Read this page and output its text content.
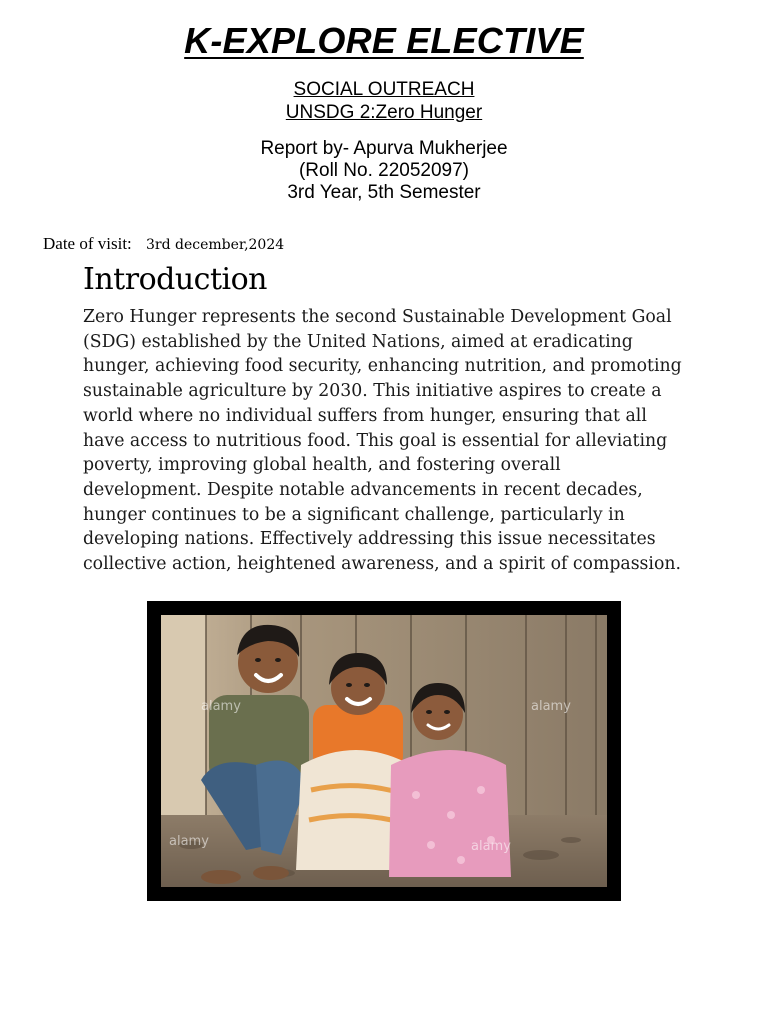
K-EXPLORE ELECTIVE

SOCIAL OUTREACH

UNSDG 2:Zero Hunger

Report by- Apurva Mukherjee
(Roll No. 22052097)
3rd Year, 5th Semester
Date of visit: 3rd december,2024
Introduction

Zero Hunger represents the second Sustainable Development Goal (SDG) established by the United Nations, aimed at eradicating hunger, achieving food security, enhancing nutrition, and promoting sustainable agriculture by 2030. This initiative aspires to create a world where no individual suffers from hunger, ensuring that all have access to nutritious food. This goal is essential for alleviating poverty, improving global health, and fostering overall development. Despite notable advancements in recent decades, hunger continues to be a significant challenge, particularly in developing nations. Effectively addressing this issue necessitates collective action, heightened awareness, and a spirit of compassion.

alamy	alamy
alamy
alamy
